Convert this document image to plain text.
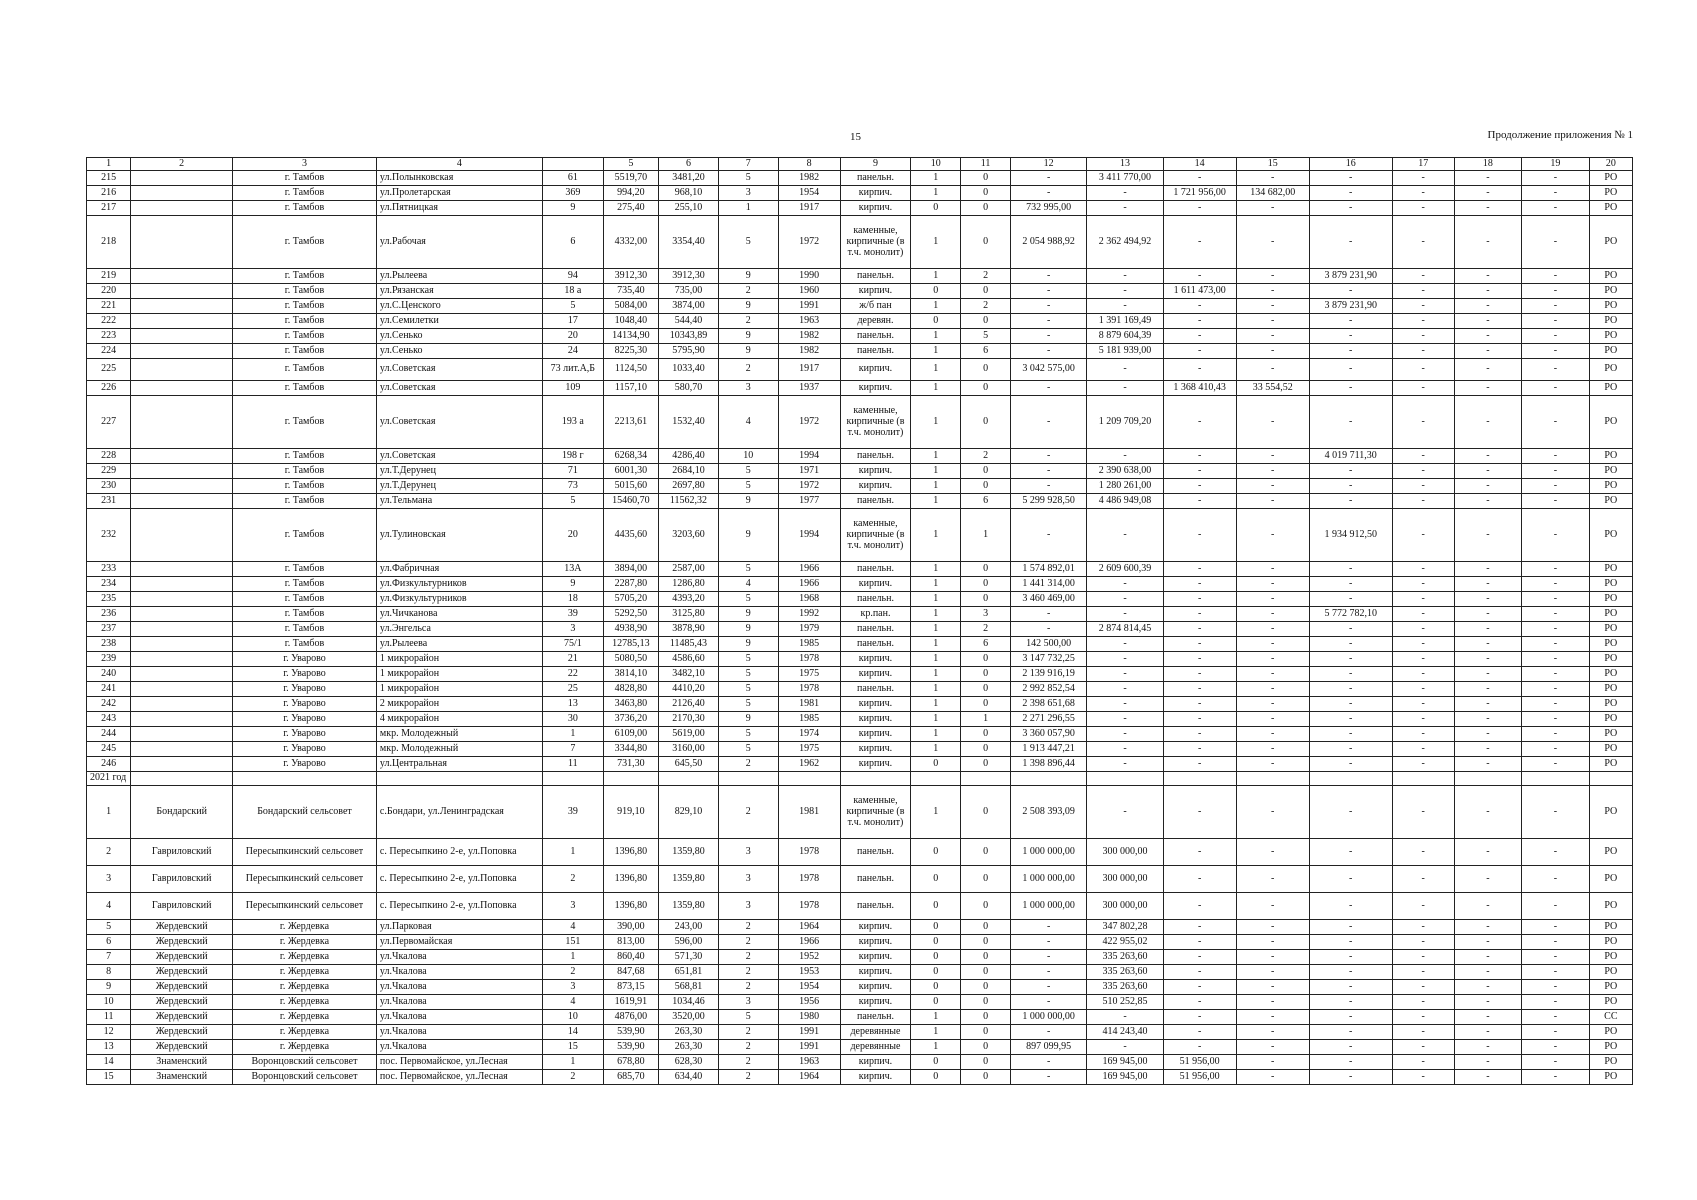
15	Продолжение приложения № 1
1	2	3	4		5	6	7	8	9	10	11	12	13	14	15	16	17	18	19	20
215		г. Тамбов	ул.Полынковская	61	5519,70	3481,20	5	1982	панельн.	1	0	-	3 411 770,00	-	-	-	-	-	-	РО
216		г. Тамбов	ул.Пролетарская	369	994,20	968,10	3	1954	кирпич.	1	0	-	-	1 721 956,00	134 682,00	-	-	-	-	РО
217		г. Тамбов	ул.Пятницкая	9	275,40	255,10	1	1917	кирпич.	0	0	732 995,00	-	-	-	-	-	-	-	РО
218		г. Тамбов	ул.Рабочая	6	4332,00	3354,40	5	1972	каменные, кирпичные (в т.ч. монолит)	1	0	2 054 988,92	2 362 494,92	-	-	-	-	-	-	РО
219		г. Тамбов	ул.Рылеева	94	3912,30	3912,30	9	1990	панельн.	1	2	-	-	-	-	3 879 231,90	-	-	-	РО
220		г. Тамбов	ул.Рязанская	18 а	735,40	735,00	2	1960	кирпич.	0	0	-	-	1 611 473,00	-	-	-	-	-	РО
221		г. Тамбов	ул.С.Ценского	5	5084,00	3874,00	9	1991	ж/б пан	1	2	-	-	-	-	3 879 231,90	-	-	-	РО
222		г. Тамбов	ул.Семилетки	17	1048,40	544,40	2	1963	деревян.	0	0	-	1 391 169,49	-	-	-	-	-	-	РО
223		г. Тамбов	ул.Сенько	20	14134,90	10343,89	9	1982	панельн.	1	5	-	8 879 604,39	-	-	-	-	-	-	РО
224		г. Тамбов	ул.Сенько	24	8225,30	5795,90	9	1982	панельн.	1	6	-	5 181 939,00	-	-	-	-	-	-	РО
225		г. Тамбов	ул.Советская	73 лит.А,Б	1124,50	1033,40	2	1917	кирпич.	1	0	3 042 575,00	-	-	-	-	-	-	-	РО
226		г. Тамбов	ул.Советская	109	1157,10	580,70	3	1937	кирпич.	1	0	-	-	1 368 410,43	33 554,52	-	-	-	-	РО
227		г. Тамбов	ул.Советская	193 а	2213,61	1532,40	4	1972	каменные, кирпичные (в т.ч. монолит)	1	0	-	1 209 709,20	-	-	-	-	-	-	РО
228		г. Тамбов	ул.Советская	198 г	6268,34	4286,40	10	1994	панельн.	1	2	-	-	-	-	4 019 711,30	-	-	-	РО
229		г. Тамбов	ул.Т.Дерунец	71	6001,30	2684,10	5	1971	кирпич.	1	0	-	2 390 638,00	-	-	-	-	-	-	РО
230		г. Тамбов	ул.Т.Дерунец	73	5015,60	2697,80	5	1972	кирпич.	1	0	-	1 280 261,00	-	-	-	-	-	-	РО
231		г. Тамбов	ул.Тельмана	5	15460,70	11562,32	9	1977	панельн.	1	6	5 299 928,50	4 486 949,08	-	-	-	-	-	-	РО
232		г. Тамбов	ул.Тулиновская	20	4435,60	3203,60	9	1994	каменные, кирпичные (в т.ч. монолит)	1	1	-	-	-	-	1 934 912,50	-	-	-	РО
233		г. Тамбов	ул.Фабричная	13А	3894,00	2587,00	5	1966	панельн.	1	0	1 574 892,01	2 609 600,39	-	-	-	-	-	-	РО
234		г. Тамбов	ул.Физкультурников	9	2287,80	1286,80	4	1966	кирпич.	1	0	1 441 314,00	-	-	-	-	-	-	-	РО
235		г. Тамбов	ул.Физкультурников	18	5705,20	4393,20	5	1968	панельн.	1	0	3 460 469,00	-	-	-	-	-	-	-	РО
236		г. Тамбов	ул.Чичканова	39	5292,50	3125,80	9	1992	кр.пан.	1	3	-	-	-	-	5 772 782,10	-	-	-	РО
237		г. Тамбов	ул.Энгельса	3	4938,90	3878,90	9	1979	панельн.	1	2	-	2 874 814,45	-	-	-	-	-	-	РО
238		г. Тамбов	ул.Рылеева	75/1	12785,13	11485,43	9	1985	панельн.	1	6	142 500,00	-	-	-	-	-	-	-	РО
239		г. Уварово	1 микрорайон	21	5080,50	4586,60	5	1978	кирпич.	1	0	3 147 732,25	-	-	-	-	-	-	-	РО
240		г. Уварово	1 микрорайон	22	3814,10	3482,10	5	1975	кирпич.	1	0	2 139 916,19	-	-	-	-	-	-	-	РО
241		г. Уварово	1 микрорайон	25	4828,80	4410,20	5	1978	панельн.	1	0	2 992 852,54	-	-	-	-	-	-	-	РО
242		г. Уварово	2 микрорайон	13	3463,80	2126,40	5	1981	кирпич.	1	0	2 398 651,68	-	-	-	-	-	-	-	РО
243		г. Уварово	4 микрорайон	30	3736,20	2170,30	9	1985	кирпич.	1	1	2 271 296,55	-	-	-	-	-	-	-	РО
244		г. Уварово	мкр. Молодежный	1	6109,00	5619,00	5	1974	кирпич.	1	0	3 360 057,90	-	-	-	-	-	-	-	РО
245		г. Уварово	мкр. Молодежный	7	3344,80	3160,00	5	1975	кирпич.	1	0	1 913 447,21	-	-	-	-	-	-	-	РО
246		г. Уварово	ул.Центральная	11	731,30	645,50	2	1962	кирпич.	0	0	1 398 896,44	-	-	-	-	-	-	-	РО
2021 год																				
1	Бондарский	Бондарский сельсовет	с.Бондари, ул.Ленинградская	39	919,10	829,10	2	1981	каменные, кирпичные (в т.ч. монолит)	1	0	2 508 393,09	-	-	-	-	-	-	-	РО
2	Гавриловский	Пересыпкинский сельсовет	с. Пересыпкино 2-е, ул.Поповка	1	1396,80	1359,80	3	1978	панельн.	0	0	1 000 000,00	300 000,00	-	-	-	-	-	-	РО
3	Гавриловский	Пересыпкинский сельсовет	с. Пересыпкино 2-е, ул.Поповка	2	1396,80	1359,80	3	1978	панельн.	0	0	1 000 000,00	300 000,00	-	-	-	-	-	-	РО
4	Гавриловский	Пересыпкинский сельсовет	с. Пересыпкино 2-е, ул.Поповка	3	1396,80	1359,80	3	1978	панельн.	0	0	1 000 000,00	300 000,00	-	-	-	-	-	-	РО
5	Жердевский	г. Жердевка	ул.Парковая	4	390,00	243,00	2	1964	кирпич.	0	0	-	347 802,28	-	-	-	-	-	-	РО
6	Жердевский	г. Жердевка	ул.Первомайская	151	813,00	596,00	2	1966	кирпич.	0	0	-	422 955,02	-	-	-	-	-	-	РО
7	Жердевский	г. Жердевка	ул.Чкалова	1	860,40	571,30	2	1952	кирпич.	0	0	-	335 263,60	-	-	-	-	-	-	РО
8	Жердевский	г. Жердевка	ул.Чкалова	2	847,68	651,81	2	1953	кирпич.	0	0	-	335 263,60	-	-	-	-	-	-	РО
9	Жердевский	г. Жердевка	ул.Чкалова	3	873,15	568,81	2	1954	кирпич.	0	0	-	335 263,60	-	-	-	-	-	-	РО
10	Жердевский	г. Жердевка	ул.Чкалова	4	1619,91	1034,46	3	1956	кирпич.	0	0	-	510 252,85	-	-	-	-	-	-	РО
11	Жердевский	г. Жердевка	ул.Чкалова	10	4876,00	3520,00	5	1980	панельн.	1	0	1 000 000,00	-	-	-	-	-	-	-	СС
12	Жердевский	г. Жердевка	ул.Чкалова	14	539,90	263,30	2	1991	деревянные	1	0	-	414 243,40	-	-	-	-	-	-	РО
13	Жердевский	г. Жердевка	ул.Чкалова	15	539,90	263,30	2	1991	деревянные	1	0	897 099,95	-	-	-	-	-	-	-	РО
14	Знаменский	Воронцовский сельсовет	пос. Первомайское, ул.Лесная	1	678,80	628,30	2	1963	кирпич.	0	0	-	169 945,00	51 956,00	-	-	-	-	-	РО
15	Знаменский	Воронцовский сельсовет	пос. Первомайское, ул.Лесная	2	685,70	634,40	2	1964	кирпич.	0	0	-	169 945,00	51 956,00	-	-	-	-	-	РО
